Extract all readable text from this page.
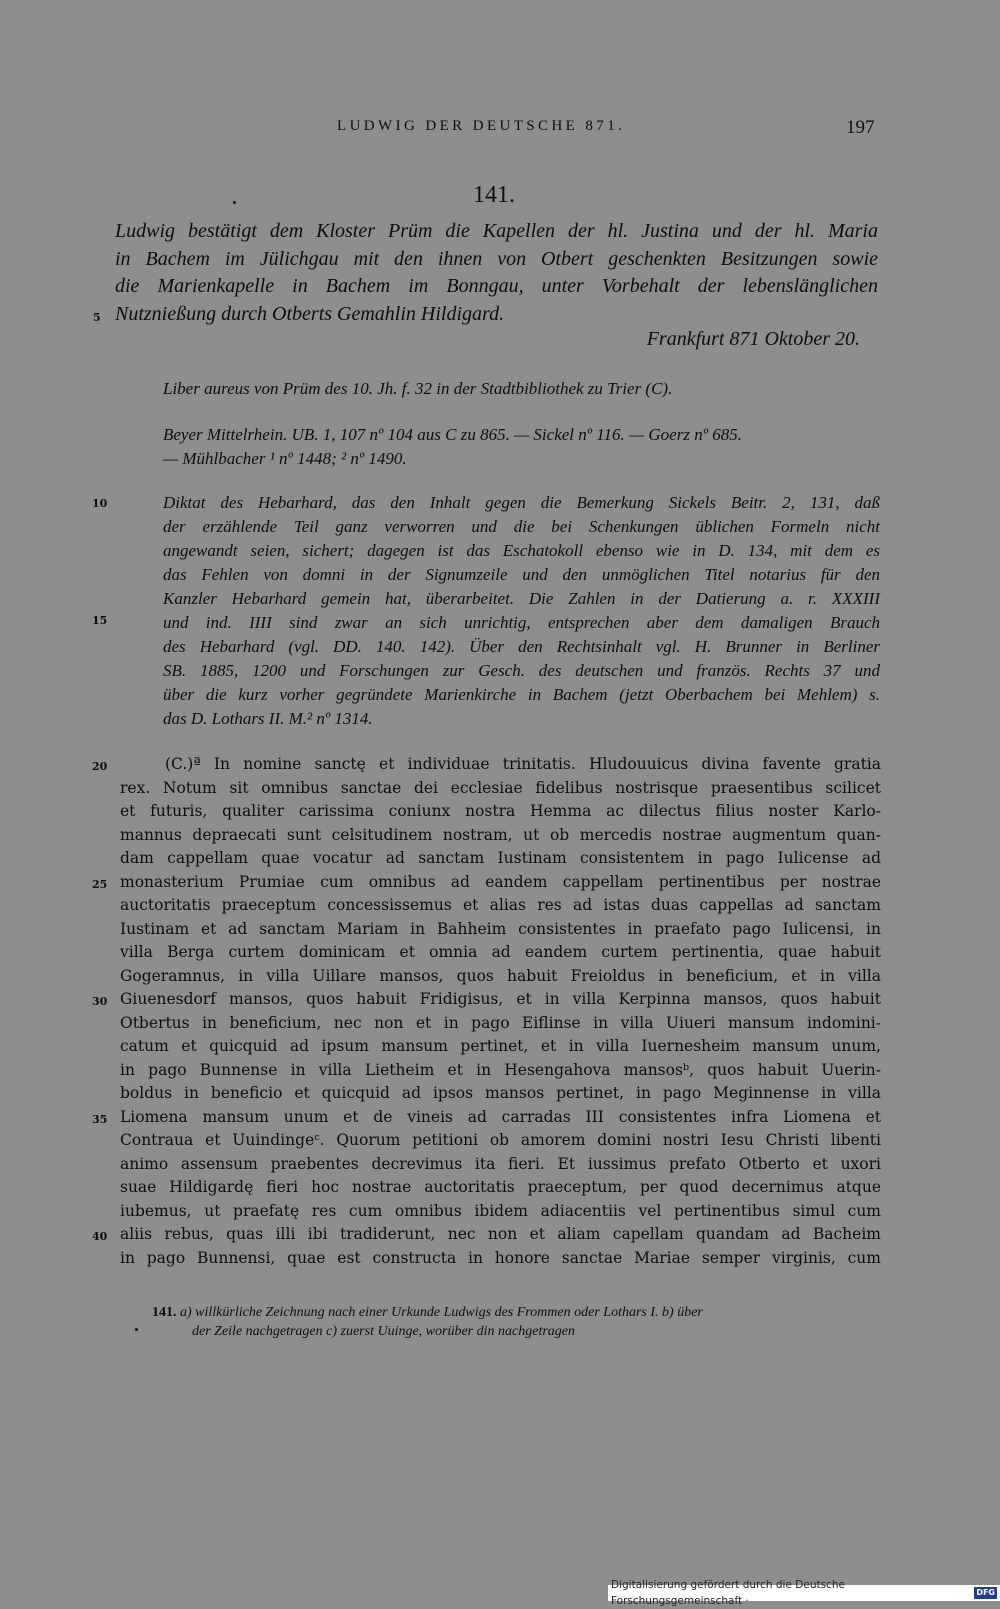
LUDWIG DER DEUTSCHE 871.	197
141.
Ludwig bestätigt dem Kloster Prüm die Kapellen der hl. Justina und der hl. Maria
in Bachem im Jülichgau mit den ihnen von Otbert geschenkten Besitzungen sowie
die Marienkapelle in Bachem im Bonngau, unter Vorbehalt der lebenslänglichen
Nutznießung durch Otberts Gemahlin Hildigard.
5
Frankfurt 871 Oktober 20.
Liber aureus von Prüm des 10. Jh. f. 32 in der Stadtbibliothek zu Trier (C).
Beyer Mittelrhein. UB. 1, 107 nº 104 aus C zu 865. — Sickel nº 116. — Goerz nº 685.
— Mühlbacher ¹ nº 1448; ² nº 1490.
Diktat des Hebarhard, das den Inhalt gegen die Bemerkung Sickels Beitr. 2, 131, daß
der erzählende Teil ganz verworren und die bei Schenkungen üblichen Formeln nicht
angewandt seien, sichert; dagegen ist das Eschatokoll ebenso wie in D. 134, mit dem es
das Fehlen von domni in der Signumzeile und den unmöglichen Titel notarius für den
Kanzler Hebarhard gemein hat, überarbeitet. Die Zahlen in der Datierung a. r. XXXIII
und ind. IIII sind zwar an sich unrichtig, entsprechen aber dem damaligen Brauch
des Hebarhard (vgl. DD. 140. 142). Über den Rechtsinhalt vgl. H. Brunner in Berliner
SB. 1885, 1200 und Forschungen zur Gesch. des deutschen und französ. Rechts 37 und
über die kurz vorher gegründete Marienkirche in Bachem (jetzt Oberbachem bei Mehlem) s.
das D. Lothars II. M.² nº 1314.
10
15
(C.)ª In nomine sanctę et individuae trinitatis. Hludouuicus divina favente gratia
rex. Notum sit omnibus sanctae dei ecclesiae fidelibus nostrisque praesentibus scilicet
et futuris, qualiter carissima coniunx nostra Hemma ac dilectus filius noster Karlo-
mannus depraecati sunt celsitudinem nostram, ut ob mercedis nostrae augmentum quan-
dam cappellam quae vocatur ad sanctam Iustinam consistentem in pago Iulicense ad
monasterium Prumiae cum omnibus ad eandem cappellam pertinentibus per nostrae
auctoritatis praeceptum concessissemus et alias res ad istas duas cappellas ad sanctam
Iustinam et ad sanctam Mariam in Bahheim consistentes in praefato pago Iulicensi, in
villa Berga curtem dominicam et omnia ad eandem curtem pertinentia, quae habuit
Gogeramnus, in villa Uillare mansos, quos habuit Freioldus in beneficium, et in villa
Giuenesdorf mansos, quos habuit Fridigisus, et in villa Kerpinna mansos, quos habuit
Otbertus in beneficium, nec non et in pago Eiflinse in villa Uiueri mansum indomini-
catum et quicquid ad ipsum mansum pertinet, et in villa Iuernesheim mansum unum,
in pago Bunnense in villa Lietheim et in Hesengahova mansosᵇ, quos habuit Uuerin-
boldus in beneficio et quicquid ad ipsos mansos pertinet, in pago Meginnense in villa
Liomena mansum unum et de vineis ad carradas III consistentes infra Liomena et
Contraua et Uuindingeᶜ. Quorum petitioni ob amorem domini nostri Iesu Christi libenti
animo assensum praebentes decrevimus ita fieri. Et iussimus prefato Otberto et uxori
suae Hildigardę fieri hoc nostrae auctoritatis praeceptum, per quod decernimus atque
iubemus, ut praefatę res cum omnibus ibidem adiacentiis vel pertinentibus simul cum
aliis rebus, quas illi ibi tradiderunt, nec non et aliam capellam quandam ad Bacheim
in pago Bunnensi, quae est constructa in honore sanctae Mariae semper virginis, cum
20
25
30
35
40
141. a) willkürliche Zeichnung nach einer Urkunde Ludwigs des Frommen oder Lothars I. b) über
der Zeile nachgetragen c) zuerst Uuinge, worüber din nachgetragen
Digitalisierung gefördert durch die Deutsche Forschungsgemeinschaft ·
DFG
